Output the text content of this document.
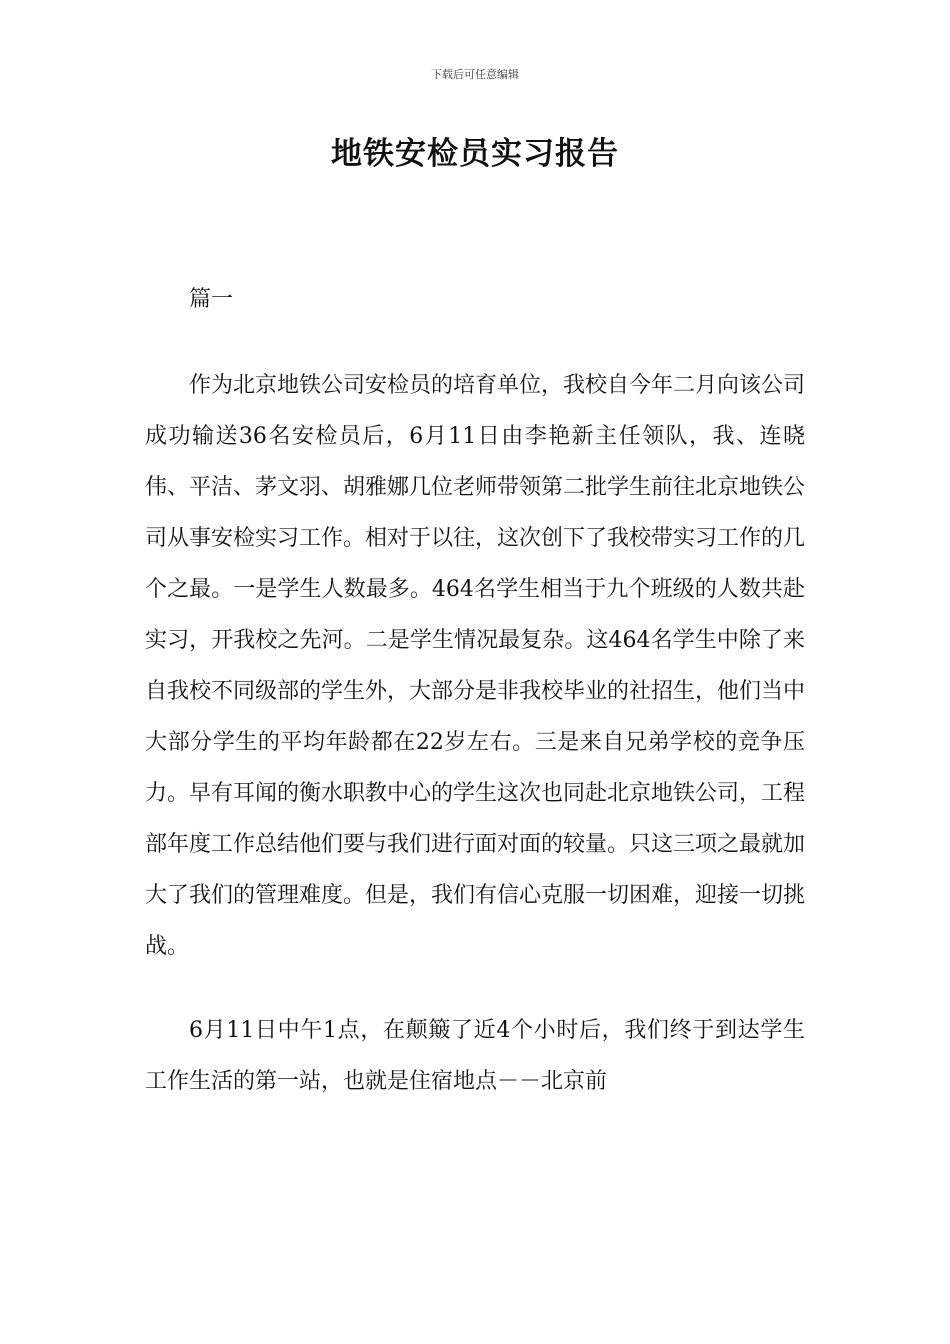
下载后可任意编辑
地铁安检员实习报告

篇一

作为北京地铁公司安检员的培育单位，我校自今年二月向该公司成功输送36名安检员后，6月11日由李艳新主任领队，我、连晓伟、平洁、茅文羽、胡雅娜几位老师带领第二批学生前往北京地铁公司从事安检实习工作。相对于以往，这次创下了我校带实习工作的几个之最。一是学生人数最多。464名学生相当于九个班级的人数共赴实习，开我校之先河。二是学生情况最复杂。这464名学生中除了来自我校不同级部的学生外，大部分是非我校毕业的社招生，他们当中大部分学生的平均年龄都在22岁左右。三是来自兄弟学校的竞争压力。早有耳闻的衡水职教中心的学生这次也同赴北京地铁公司，工程部年度工作总结他们要与我们进行面对面的较量。只这三项之最就加大了我们的管理难度。但是，我们有信心克服一切困难，迎接一切挑战。

6月11日中午1点，在颠簸了近4个小时后，我们终于到达学生工作生活的第一站，也就是住宿地点－－北京前
